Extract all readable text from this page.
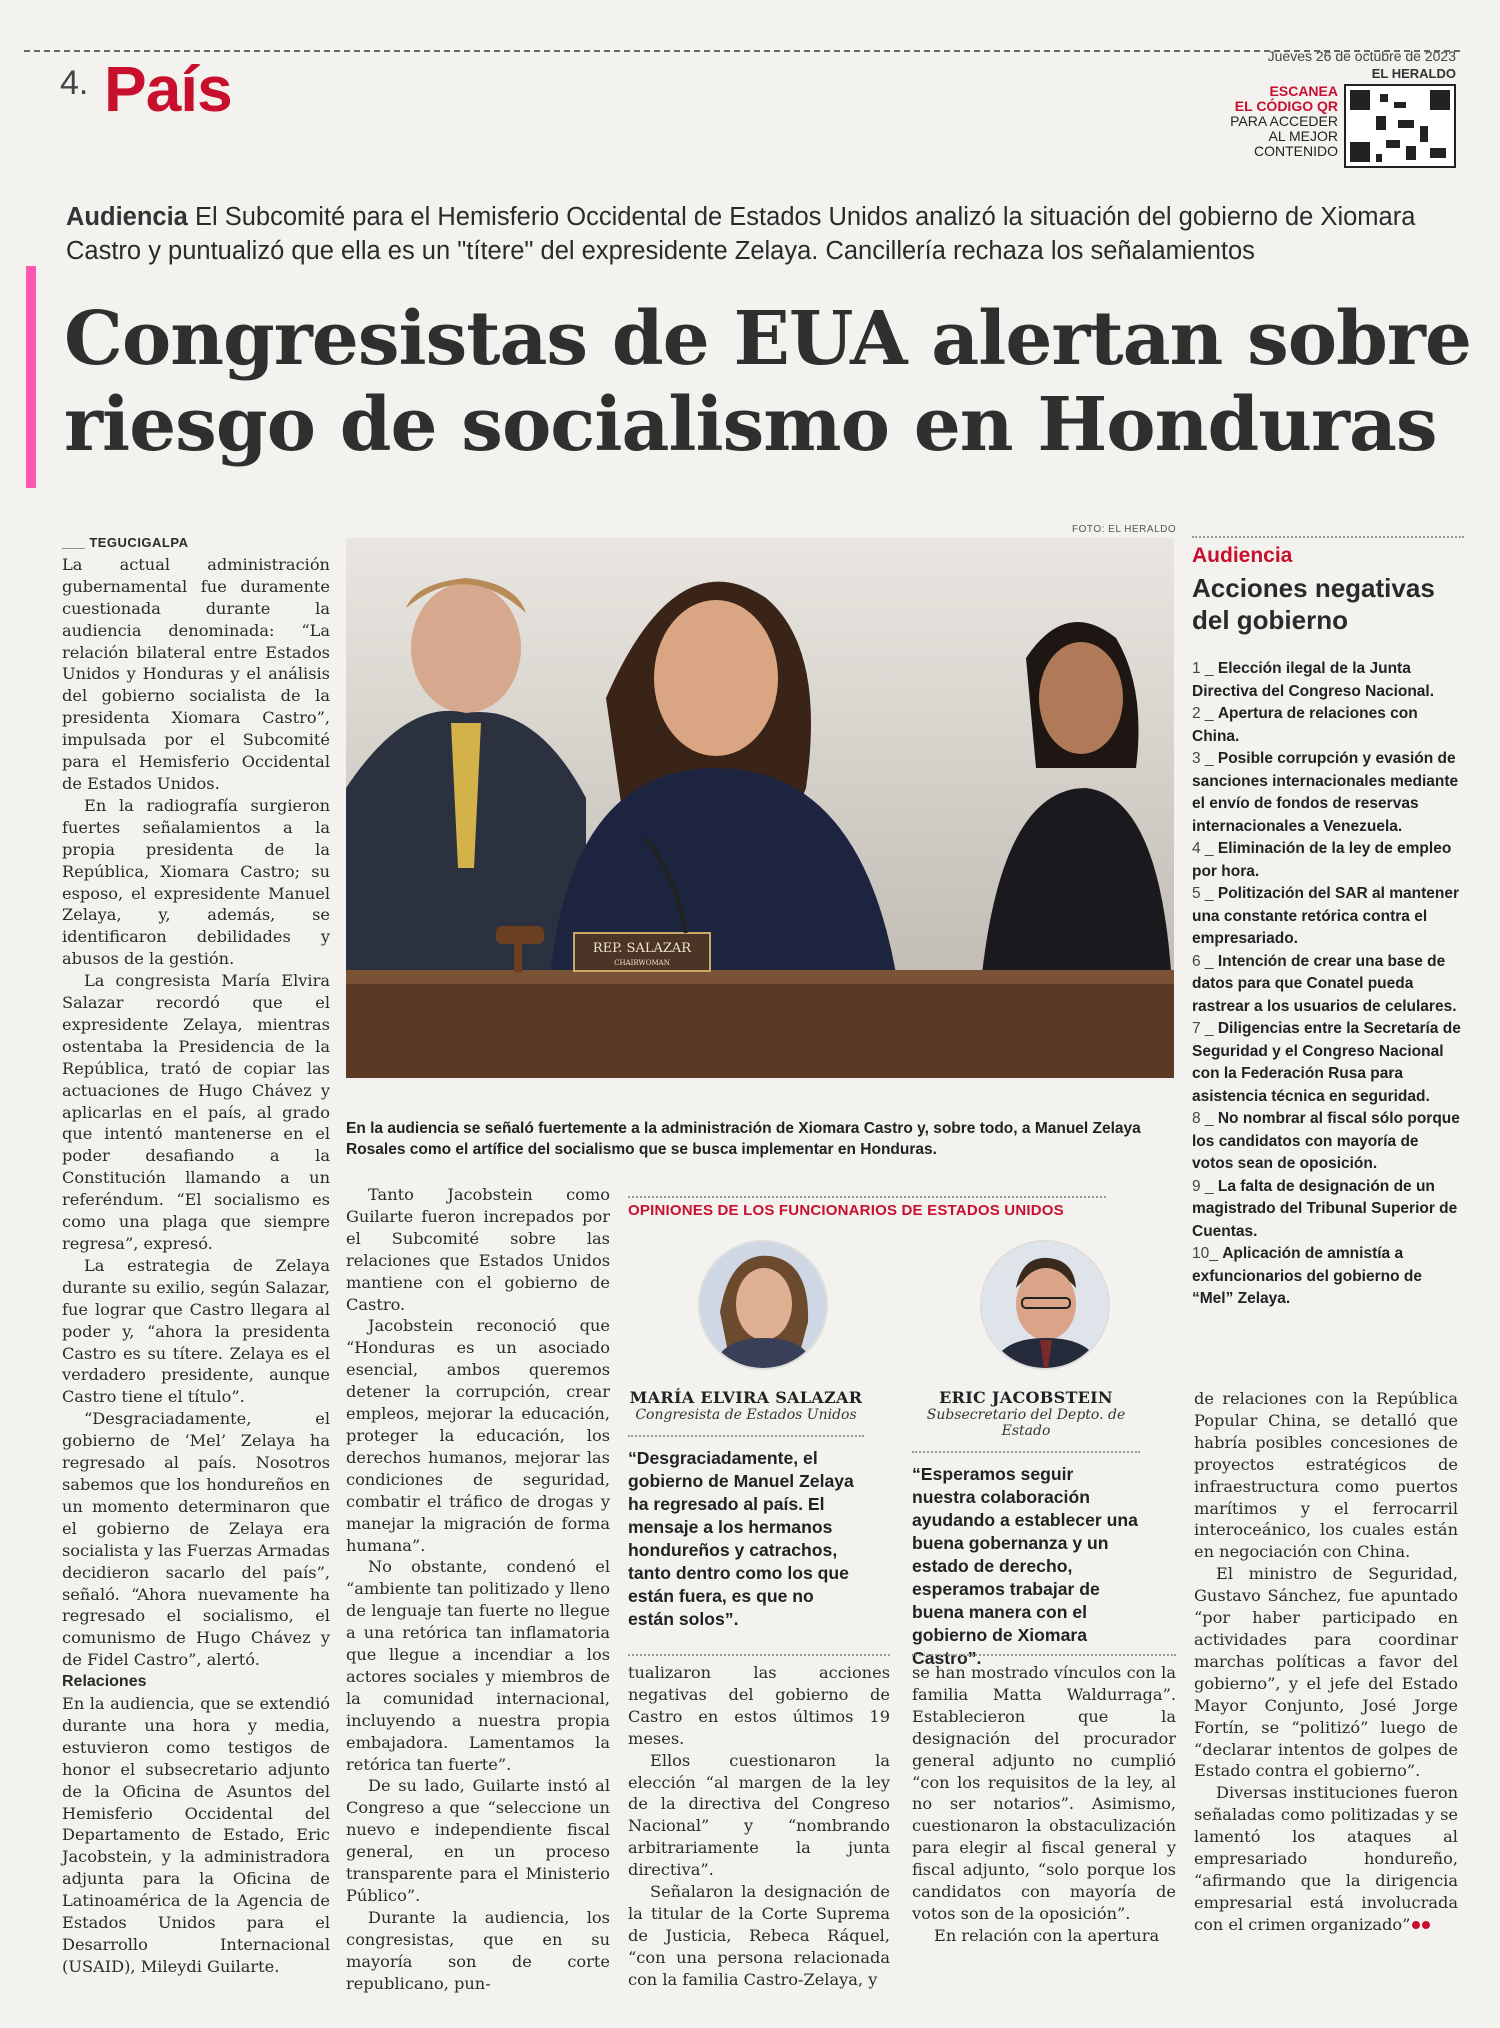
4. País	Jueves 26 de octubre de 2023
EL HERALDO
ESCANEA
EL CÓDIGO QR
PARA ACCEDER
AL MEJOR
CONTENIDO
Audiencia El Subcomité para el Hemisferio Occidental de Estados Unidos analizó la situación del gobierno de Xiomara Castro y puntualizó que ella es un "títere" del expresidente Zelaya. Cancillería rechaza los señalamientos
Congresistas de EUA alertan sobre
riesgo de socialismo en Honduras

___ TEGUCIGALPA

La actual administración gubernamental fue duramente cuestionada durante la audiencia denominada: “La relación bilateral entre Estados Unidos y Honduras y el análisis del gobierno socialista de la presidenta Xiomara Castro”, impulsada por el Subcomité para el Hemisferio Occidental de Estados Unidos.

En la radiografía surgieron fuertes señalamientos a la propia presidenta de la República, Xiomara Castro; su esposo, el expresidente Manuel Zelaya, y, además, se identificaron debilidades y abusos de la gestión.

La congresista María Elvira Salazar recordó que el expresidente Zelaya, mientras ostentaba la Presidencia de la República, trató de copiar las actuaciones de Hugo Chávez y aplicarlas en el país, al grado que intentó mantenerse en el poder desafiando a la Constitución llamando a un referéndum. “El socialismo es como una plaga que siempre regresa”, expresó.

La estrategia de Zelaya durante su exilio, según Salazar, fue lograr que Castro llegara al poder y, “ahora la presidenta Castro es su títere. Zelaya es el verdadero presidente, aunque Castro tiene el título”.

“Desgraciadamente, el gobierno de ‘Mel’ Zelaya ha regresado al país. Nosotros sabemos que los hondureños en un momento determinaron que el gobierno de Zelaya era socialista y las Fuerzas Armadas decidieron sacarlo del país”, señaló. “Ahora nuevamente ha regresado el socialismo, el comunismo de Hugo Chávez y de Fidel Castro”, alertó.

Relaciones

En la audiencia, que se extendió durante una hora y media, estuvieron como testigos de honor el subsecretario adjunto de la Oficina de Asuntos del Hemisferio Occidental del Departamento de Estado, Eric Jacobstein, y la administradora adjunta para la Oficina de Latinoamérica de la Agencia de Estados Unidos para el Desarrollo Internacional (USAID), Mileydi Guilarte.

FOTO: EL HERALDO
REP. SALAZAR
CHAIRWOMAN
En la audiencia se señaló fuertemente a la administración de Xiomara Castro y, sobre todo, a Manuel Zelaya Rosales como el artífice del socialismo que se busca implementar en Honduras.
Audiencia
Acciones negativas del gobierno
1 _ Elección ilegal de la Junta Directiva del Congreso Nacional.
2 _ Apertura de relaciones con China.
3 _ Posible corrupción y evasión de sanciones internacionales mediante el envío de fondos de reservas internacionales a Venezuela.
4 _ Eliminación de la ley de empleo por hora.
5 _ Politización del SAR al mantener una constante retórica contra el empresariado.
6 _ Intención de crear una base de datos para que Conatel pueda rastrear a los usuarios de celulares.
7 _ Diligencias entre la Secretaría de Seguridad y el Congreso Nacional con la Federación Rusa para asistencia técnica en seguridad.
8 _ No nombrar al fiscal sólo porque los candidatos con mayoría de votos sean de oposición.
9 _ La falta de designación de un magistrado del Tribunal Superior de Cuentas.
10_ Aplicación de amnistía a exfuncionarios del gobierno de “Mel” Zelaya.

Tanto Jacobstein como Guilarte fueron increpados por el Subcomité sobre las relaciones que Estados Unidos mantiene con el gobierno de Castro.

Jacobstein reconoció que “Honduras es un asociado esencial, ambos queremos detener la corrupción, crear empleos, mejorar la educación, proteger la educación, los derechos humanos, mejorar las condiciones de seguridad, combatir el tráfico de drogas y manejar la migración de forma humana”.

No obstante, condenó el “ambiente tan politizado y lleno de lenguaje tan fuerte no llegue a una retórica tan inflamatoria que llegue a incendiar a los actores sociales y miembros de la comunidad internacional, incluyendo a nuestra propia embajadora. Lamentamos la retórica tan fuerte”.

De su lado, Guilarte instó al Congreso a que “seleccione un nuevo e independiente fiscal general, en un proceso transparente para el Ministerio Público”.

Durante la audiencia, los congresistas, que en su mayoría son de corte republicano, pun-

OPINIONES DE LOS FUNCIONARIOS DE ESTADOS UNIDOS
MARÍA ELVIRA SALAZAR
Congresista de Estados Unidos
“Desgraciadamente, el gobierno de Manuel Zelaya ha regresado al país. El mensaje a los hermanos hondureños y catrachos, tanto dentro como los que están fuera, es que no están solos”.
ERIC JACOBSTEIN
Subsecretario del Depto. de Estado
“Esperamos seguir nuestra colaboración ayudando a establecer una buena gobernanza y un estado de derecho, esperamos trabajar de buena manera con el gobierno de Xiomara Castro”.

tualizaron las acciones negativas del gobierno de Castro en estos últimos 19 meses.

Ellos cuestionaron la elección “al margen de la ley de la directiva del Congreso Nacional” y “nombrando arbitrariamente la junta directiva”.

Señalaron la designación de la titular de la Corte Suprema de Justicia, Rebeca Ráquel, “con una persona relacionada con la familia Castro-Zelaya, y

se han mostrado vínculos con la familia Matta Waldurraga”. Establecieron que la designación del procurador general adjunto no cumplió “con los requisitos de la ley, al no ser notarios”. Asimismo, cuestionaron la obstaculización para elegir al fiscal general y fiscal adjunto, “solo porque los candidatos con mayoría de votos son de la oposición”.

En relación con la apertura

de relaciones con la República Popular China, se detalló que habría posibles concesiones de proyectos estratégicos de infraestructura como puertos marítimos y el ferrocarril interoceánico, los cuales están en negociación con China.

El ministro de Seguridad, Gustavo Sánchez, fue apuntado “por haber participado en actividades para coordinar marchas políticas a favor del gobierno”, y el jefe del Estado Mayor Conjunto, José Jorge Fortín, se “politizó” luego de “declarar intentos de golpes de Estado contra el gobierno”.

Diversas instituciones fueron señaladas como politizadas y se lamentó los ataques al empresariado hondureño, “afirmando que la dirigencia empresarial está involucrada con el crimen organizado”
